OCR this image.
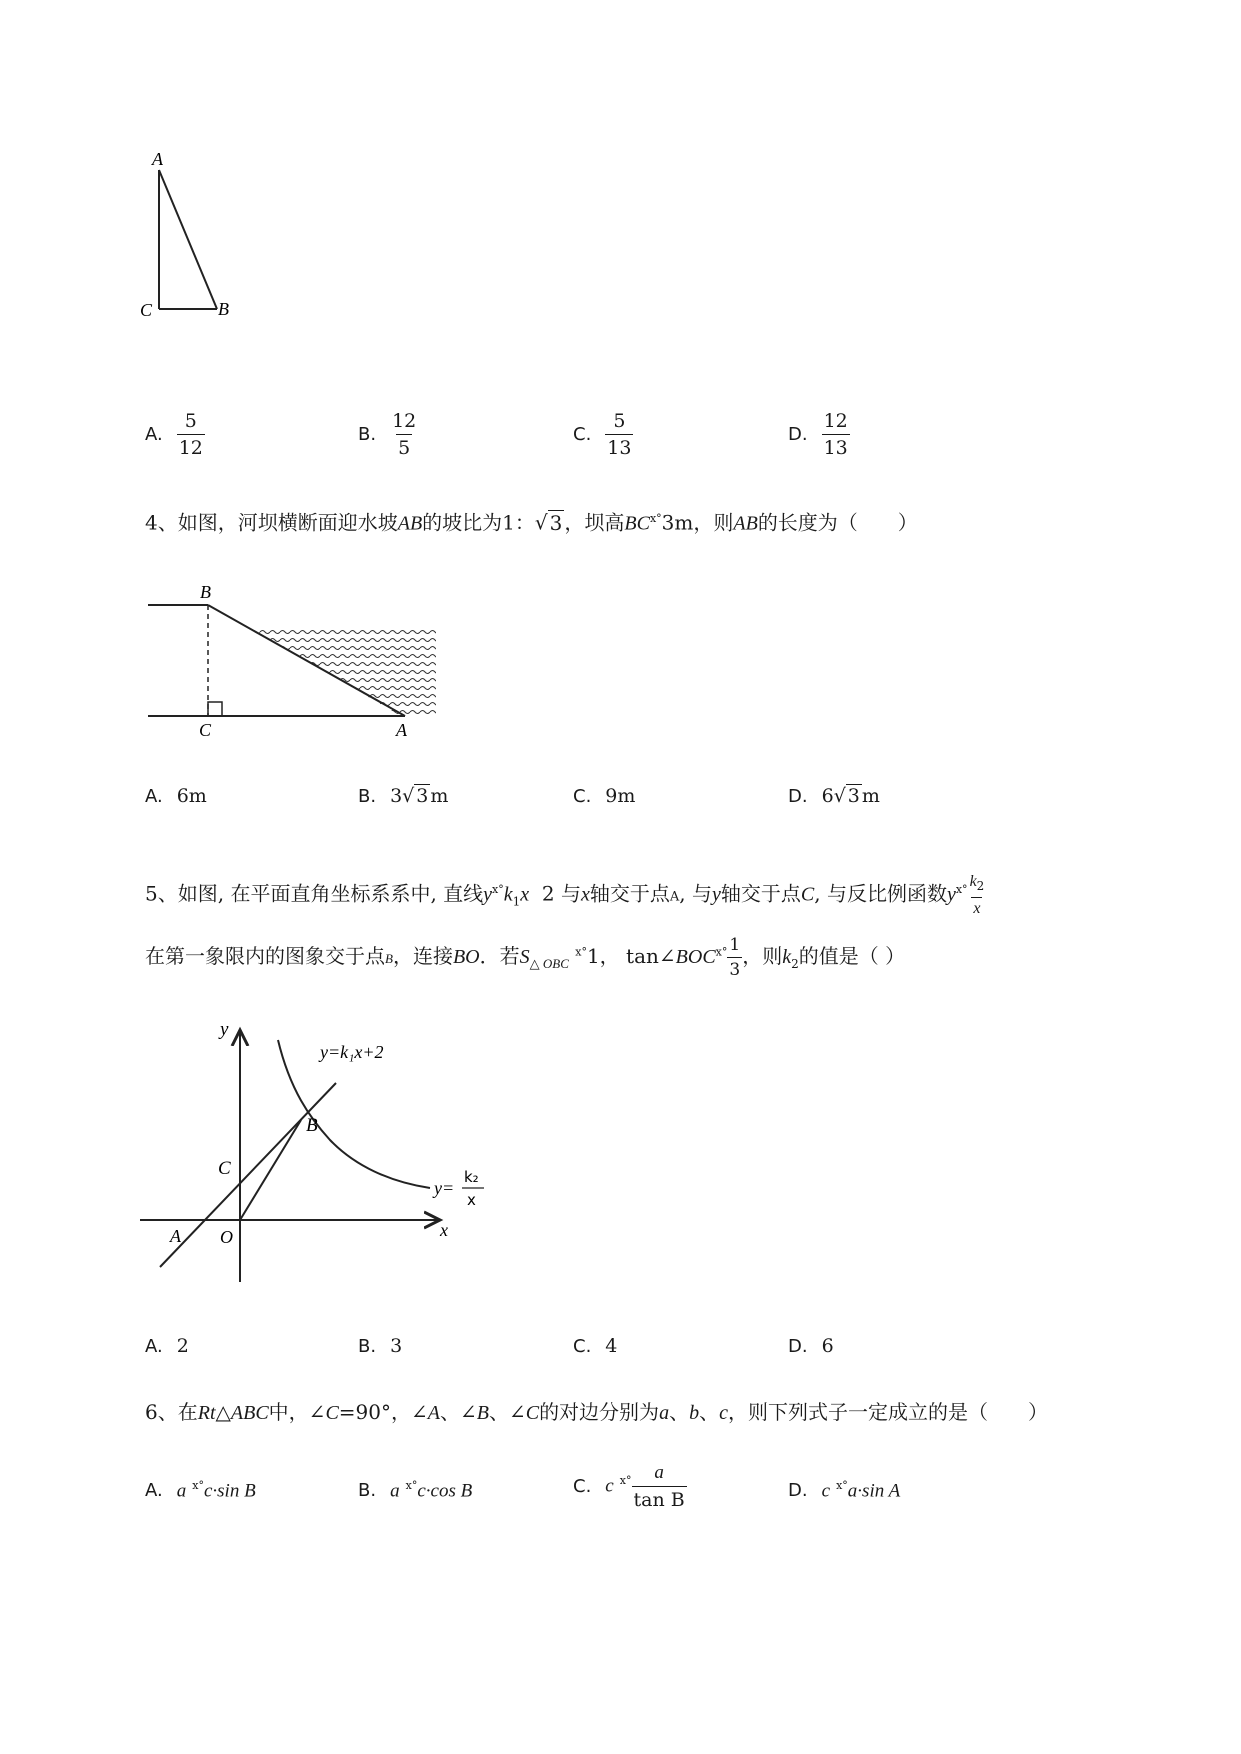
A
C	B
A. $\frac{5}{12}$	B. $\frac{12}{5}$	C. $\frac{5}{13}$	D. $\frac{12}{13}$
4、如图，河坝横断面迎水坡AB的坡比为1：√ 3 ，坝高$BC^{ⅹ^\circ}3m$，则AB的长度为（　　）
B
C	A
A. 6m	B. 3√ 3 m	C. 9m	D. 6√ 3 m
5、如图, 在平面直角坐标系系中, 直线$y^{ⅹ^\circ}k_1x$ 2 与x轴交于点A, 与y轴交于点C, 与反比例函数$y^{ⅹ^\circ} \frac{k_2}{x}$
在第一象限内的图象交于点B，连接BO．若$S_{\triangle OBC}$ $^{ⅹ^\circ}$1， $\tan\angle BOC^{ⅹ^\circ} \frac{1}{3}$ ，则$k_2$的值是（ ）
y
x
O
A
C
B
y=k₁x+2
y=
k₂
x
A. 2	B. 3	C. 4	D. 6
6、在Rt△ABC中，∠C=90°，∠A、∠B、∠C的对边分别为a、b、c，则下列式子一定成立的是（　　）
A. a $^{ⅹ^\circ}$c·sin B	B. a $^{ⅹ^\circ}$c·cos B	C. c $^{ⅹ^\circ} \frac{a}{\text{tan B}}$	D. c $^{ⅹ^\circ}$a·sin A
